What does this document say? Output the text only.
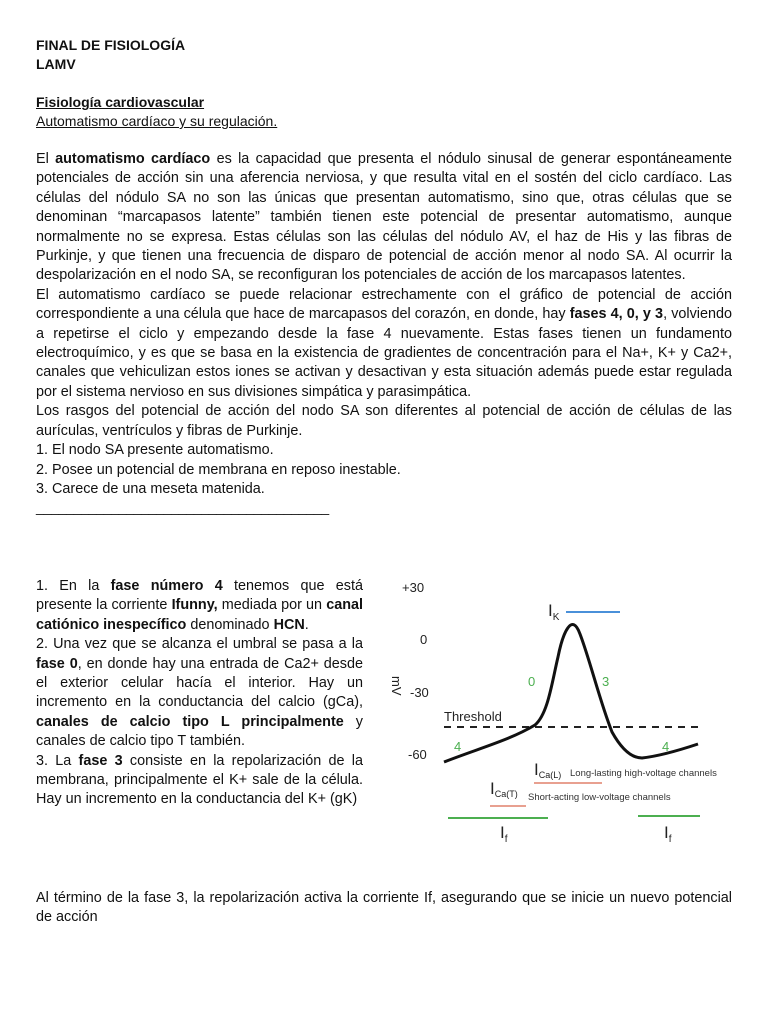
FINAL DE FISIOLOGÍA

LAMV

Fisiología cardiovascular

Automatismo cardíaco y su regulación.

El automatismo cardíaco es la capacidad que presenta el nódulo sinusal de generar espontáneamente potenciales de acción sin una aferencia nerviosa, y que resulta vital en el sostén del ciclo cardíaco. Las células del nódulo SA no son las únicas que presentan automatismo, sino que, otras células que se denominan “marcapasos latente” también tienen este potencial de presentar automatismo, aunque normalmente no se expresa. Estas células son las células del nódulo AV, el haz de His y las fibras de Purkinje, y que tienen una frecuencia de disparo de potencial de acción menor al nodo SA. Al ocurrir la despolarización en el nodo SA, se reconfiguran los potenciales de acción de los marcapasos latentes.

El automatismo cardíaco se puede relacionar estrechamente con el gráfico de potencial de acción correspondiente a una célula que hace de marcapasos del corazón, en donde, hay fases 4, 0, y 3, volviendo a repetirse el ciclo y empezando desde la fase 4 nuevamente. Estas fases tienen un fundamento electroquímico, y es que se basa en la existencia de gradientes de concentración para el Na+, K+ y Ca2+, canales que vehiculizan estos iones se activan y desactivan y esta situación además puede estar regulada por el sistema nervioso en sus divisiones simpática y parasimpática.

Los rasgos del potencial de acción del nodo SA son diferentes al potencial de acción de células de las aurículas, ventrículos y fibras de Purkinje.

1. El nodo SA presente automatismo.

2. Posee un potencial de membrana en reposo inestable.

3. Carece de una meseta matenida.

_______________________________________

1. En la fase número 4 tenemos que está presente la corriente Ifunny, mediada por un canal catiónico inespecífico denominado HCN.

2. Una vez que se alcanza el umbral se pasa a la fase 0, en donde hay una entrada de Ca2+ desde el exterior celular hacía el interior. Hay un incremento en la conductancia del calcio (gCa), canales de calcio tipo L principalmente y canales de calcio tipo T también.

3. La fase 3 consiste en la repolarización de la membrana, principalmente el K+ sale de la célula. Hay un incremento en la conductancia del K+ (gK)

+30
0
-30
-60
mV
Threshold
4
0	3
4
$I_K$
ICa(L) Long-lasting high-voltage channels
ICa(T) Short-acting low-voltage channels
$I_f$	$I_f$

Al término de la fase 3, la repolarización activa la corriente If, asegurando que se inicie un nuevo potencial de acción
